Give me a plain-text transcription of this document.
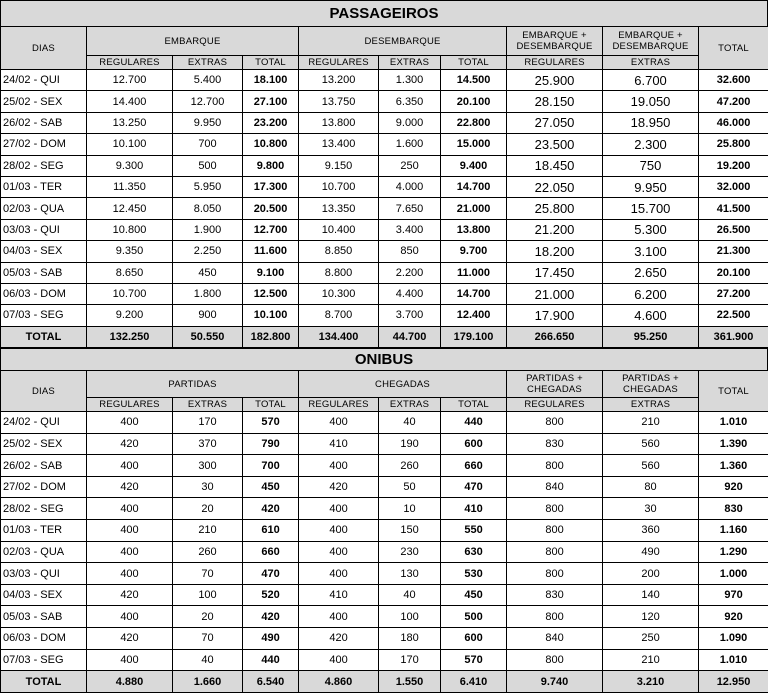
PASSAGEIROS
DIAS	EMBARQUE			DESEMBARQUE			EMBARQUE + DESEMBARQUE	EMBARQUE + DESEMBARQUE	TOTAL
	REGULARES	EXTRAS	TOTAL	REGULARES	EXTRAS	TOTAL	REGULARES	EXTRAS	
24/02 - QUI	12.700	5.400	18.100	13.200	1.300	14.500	25.900	6.700	32.600
25/02 - SEX	14.400	12.700	27.100	13.750	6.350	20.100	28.150	19.050	47.200
26/02 - SAB	13.250	9.950	23.200	13.800	9.000	22.800	27.050	18.950	46.000
27/02 - DOM	10.100	700	10.800	13.400	1.600	15.000	23.500	2.300	25.800
28/02 - SEG	9.300	500	9.800	9.150	250	9.400	18.450	750	19.200
01/03 - TER	11.350	5.950	17.300	10.700	4.000	14.700	22.050	9.950	32.000
02/03 - QUA	12.450	8.050	20.500	13.350	7.650	21.000	25.800	15.700	41.500
03/03 - QUI	10.800	1.900	12.700	10.400	3.400	13.800	21.200	5.300	26.500
04/03 - SEX	9.350	2.250	11.600	8.850	850	9.700	18.200	3.100	21.300
05/03 - SAB	8.650	450	9.100	8.800	2.200	11.000	17.450	2.650	20.100
06/03 - DOM	10.700	1.800	12.500	10.300	4.400	14.700	21.000	6.200	27.200
07/03 - SEG	9.200	900	10.100	8.700	3.700	12.400	17.900	4.600	22.500
TOTAL	132.250	50.550	182.800	134.400	44.700	179.100	266.650	95.250	361.900
ONIBUS
DIAS	PARTIDAS			CHEGADAS			PARTIDAS + CHEGADAS	PARTIDAS + CHEGADAS	TOTAL
	REGULARES	EXTRAS	TOTAL	REGULARES	EXTRAS	TOTAL	REGULARES	EXTRAS	
24/02 - QUI	400	170	570	400	40	440	800	210	1.010
25/02 - SEX	420	370	790	410	190	600	830	560	1.390
26/02 - SAB	400	300	700	400	260	660	800	560	1.360
27/02 - DOM	420	30	450	420	50	470	840	80	920
28/02 - SEG	400	20	420	400	10	410	800	30	830
01/03 - TER	400	210	610	400	150	550	800	360	1.160
02/03 - QUA	400	260	660	400	230	630	800	490	1.290
03/03 - QUI	400	70	470	400	130	530	800	200	1.000
04/03 - SEX	420	100	520	410	40	450	830	140	970
05/03 - SAB	400	20	420	400	100	500	800	120	920
06/03 - DOM	420	70	490	420	180	600	840	250	1.090
07/03 - SEG	400	40	440	400	170	570	800	210	1.010
TOTAL	4.880	1.660	6.540	4.860	1.550	6.410	9.740	3.210	12.950
